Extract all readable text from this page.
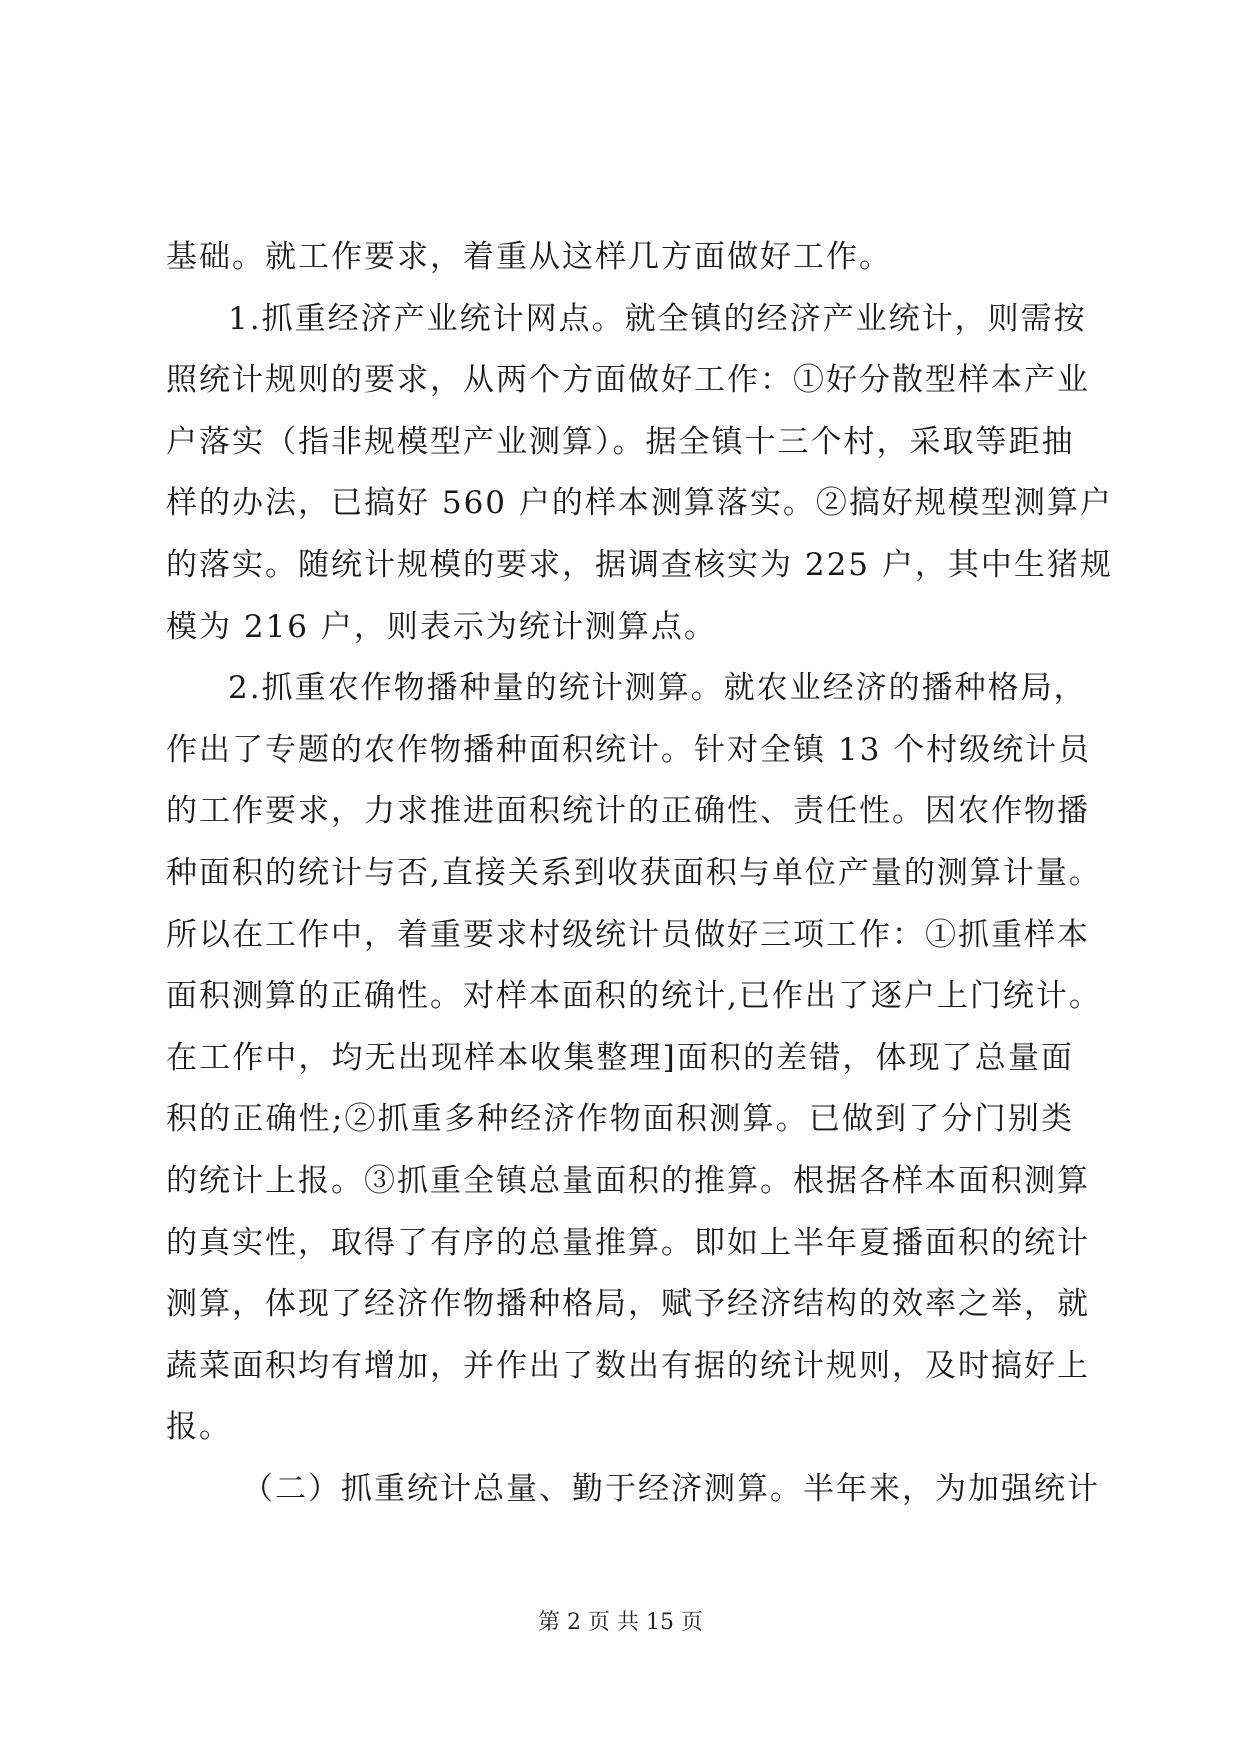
基础。就工作要求，着重从这样几方面做好工作。
1.抓重经济产业统计网点。就全镇的经济产业统计，则需按
照统计规则的要求，从两个方面做好工作：①好分散型样本产业
户落实（指非规模型产业测算）。据全镇十三个村，采取等距抽
样的办法，已搞好 560 户的样本测算落实。②搞好规模型测算户
的落实。随统计规模的要求，据调查核实为 225 户，其中生猪规
模为 216 户，则表示为统计测算点。
2.抓重农作物播种量的统计测算。就农业经济的播种格局，
作出了专题的农作物播种面积统计。针对全镇 13 个村级统计员
的工作要求，力求推进面积统计的正确性、责任性。因农作物播
种面积的统计与否,直接关系到收获面积与单位产量的测算计量。
所以在工作中，着重要求村级统计员做好三项工作：①抓重样本
面积测算的正确性。对样本面积的统计,已作出了逐户上门统计。
在工作中，均无出现样本收集整理]面积的差错，体现了总量面
积的正确性;②抓重多种经济作物面积测算。已做到了分门别类
的统计上报。③抓重全镇总量面积的推算。根据各样本面积测算
的真实性，取得了有序的总量推算。即如上半年夏播面积的统计
测算，体现了经济作物播种格局，赋予经济结构的效率之举，就
蔬菜面积均有增加，并作出了数出有据的统计规则，及时搞好上
报。
（二）抓重统计总量、勤于经济测算。半年来，为加强统计
第 2 页 共 15 页
